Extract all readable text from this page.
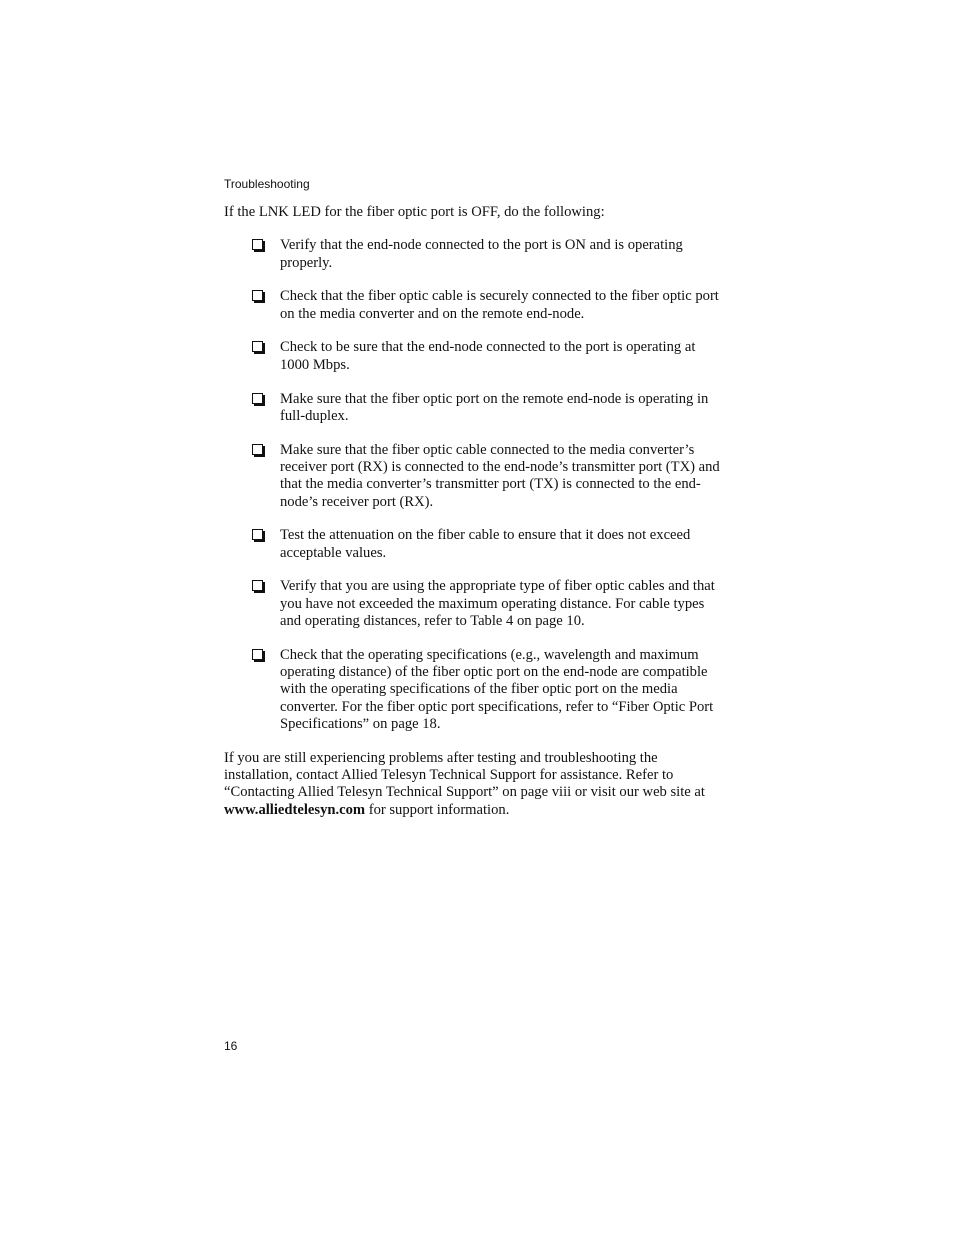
Troubleshooting

If the LNK LED for the fiber optic port is OFF, do the following:

Verify that the end-node connected to the port is ON and is operating properly.
Check that the fiber optic cable is securely connected to the fiber optic port on the media converter and on the remote end-node.
Check to be sure that the end-node connected to the port is operating at 1000 Mbps.
Make sure that the fiber optic port on the remote end-node is operating in full-duplex.
Make sure that the fiber optic cable connected to the media converter’s receiver port (RX) is connected to the end-node’s transmitter port (TX) and that the media converter’s transmitter port (TX) is connected to the end-node’s receiver port (RX).
Test the attenuation on the fiber cable to ensure that it does not exceed acceptable values.
Verify that you are using the appropriate type of fiber optic cables and that you have not exceeded the maximum operating distance. For cable types and operating distances, refer to Table 4 on page 10.
Check that the operating specifications (e.g., wavelength and maximum operating distance) of the fiber optic port on the end-node are compatible with the operating specifications of the fiber optic port on the media converter. For the fiber optic port specifications, refer to “Fiber Optic Port Specifications” on page 18.

If you are still experiencing problems after testing and troubleshooting the installation, contact Allied Telesyn Technical Support for assistance. Refer to “Contacting Allied Telesyn Technical Support” on page viii or visit our web site at www.alliedtelesyn.com for support information.

16
